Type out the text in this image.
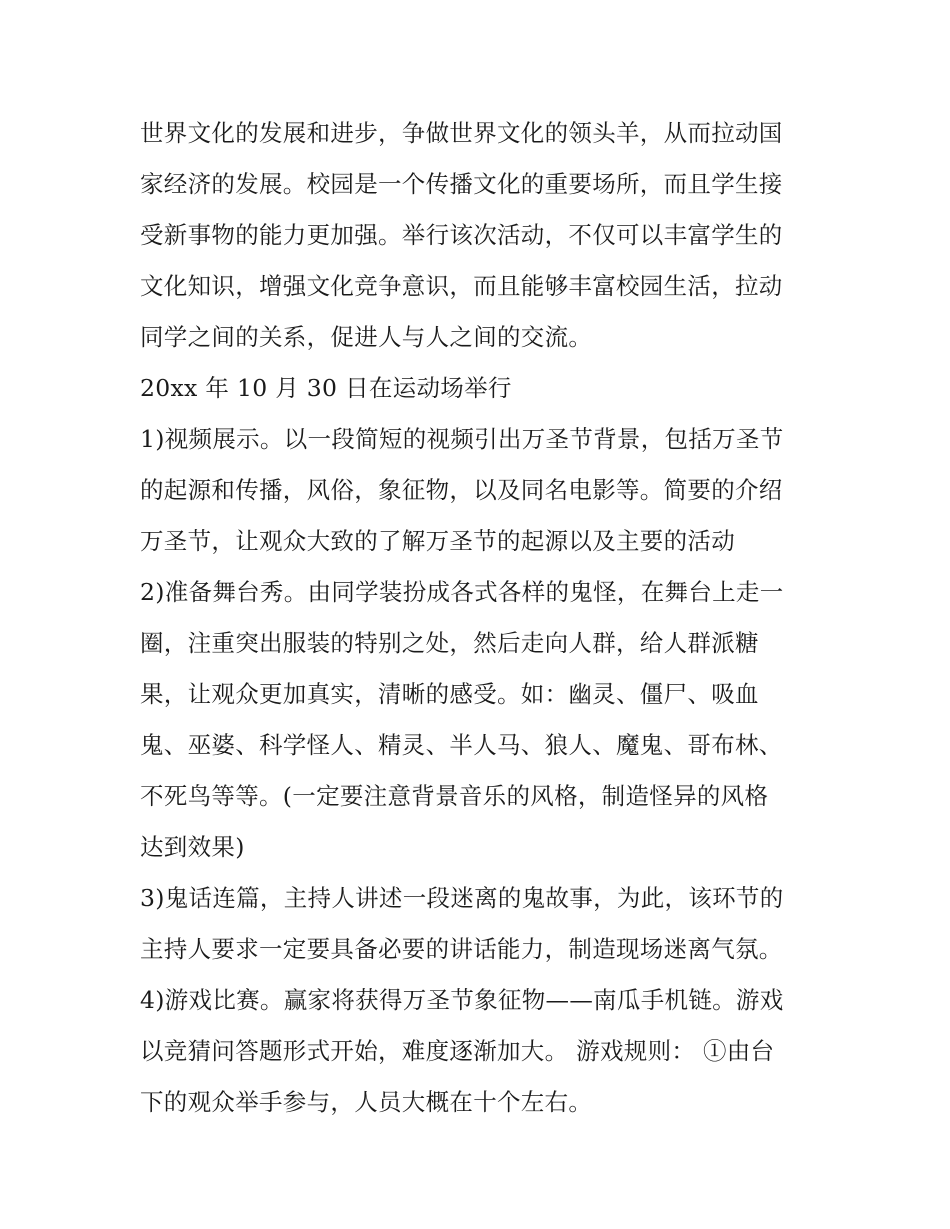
世界文化的发展和进步，争做世界文化的领头羊，从而拉动国
家经济的发展。校园是一个传播文化的重要场所，而且学生接
受新事物的能力更加强。举行该次活动，不仅可以丰富学生的
文化知识，增强文化竞争意识，而且能够丰富校园生活，拉动
同学之间的关系，促进人与人之间的交流。
20xx 年 10 月 30 日在运动场举行
1)视频展示。以一段简短的视频引出万圣节背景，包括万圣节
的起源和传播，风俗，象征物，以及同名电影等。简要的介绍
万圣节，让观众大致的了解万圣节的起源以及主要的活动
2)准备舞台秀。由同学装扮成各式各样的鬼怪，在舞台上走一
圈，注重突出服装的特别之处，然后走向人群，给人群派糖
果，让观众更加真实，清晰的感受。如：幽灵、僵尸、吸血
鬼、巫婆、科学怪人、精灵、半人马、狼人、魔鬼、哥布林、
不死鸟等等。(一定要注意背景音乐的风格，制造怪异的风格
达到效果)
3)鬼话连篇，主持人讲述一段迷离的鬼故事，为此，该环节的
主持人要求一定要具备必要的讲话能力，制造现场迷离气氛。
4)游戏比赛。赢家将获得万圣节象征物——南瓜手机链。游戏
以竞猜问答题形式开始，难度逐渐加大。 游戏规则： ①由台
下的观众举手参与，人员大概在十个左右。
